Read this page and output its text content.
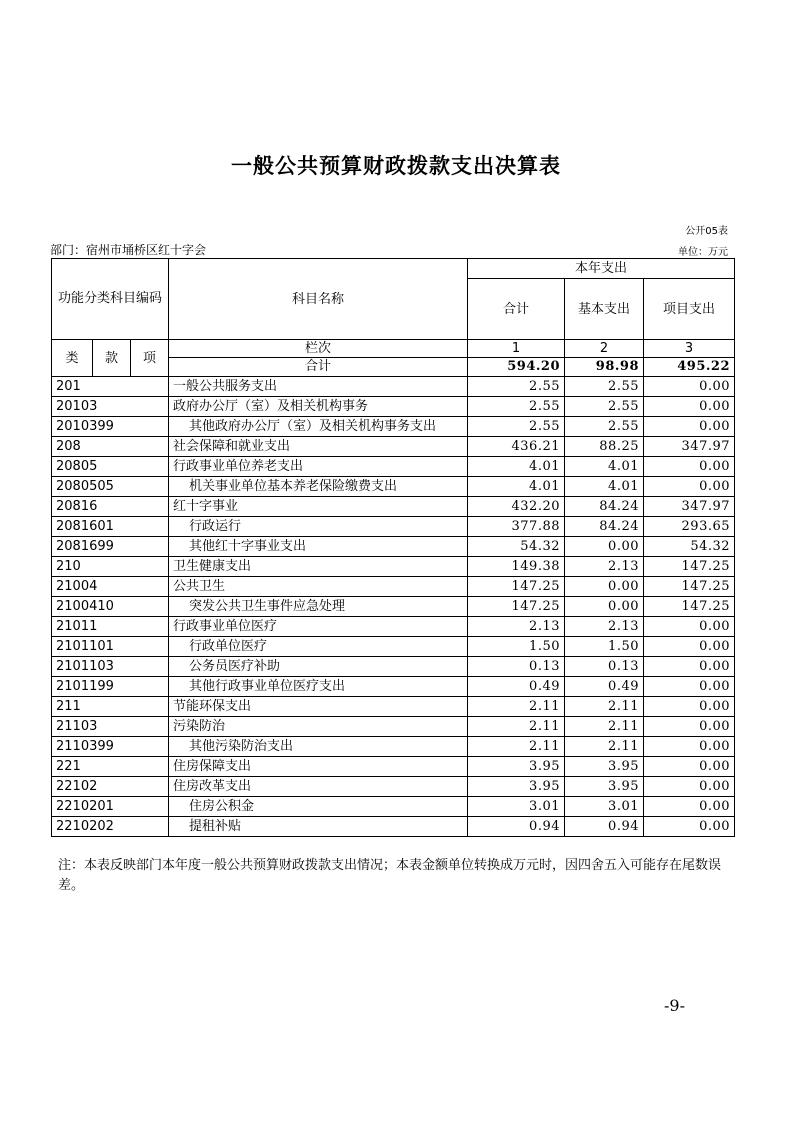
一般公共预算财政拨款支出决算表
公开05表
部门：宿州市埇桥区红十字会	单位：万元
功能分类科目编码			科目名称	本年支出		
				合计	基本支出	项目支出
类	款	项	栏次	1	2	3
			合计	594.20	98.98	495.22
201			一般公共服务支出	2.55	2.55	0.00
20103			政府办公厅（室）及相关机构事务	2.55	2.55	0.00
2010399			其他政府办公厅（室）及相关机构事务支出	2.55	2.55	0.00
208			社会保障和就业支出	436.21	88.25	347.97
20805			行政事业单位养老支出	4.01	4.01	0.00
2080505			机关事业单位基本养老保险缴费支出	4.01	4.01	0.00
20816			红十字事业	432.20	84.24	347.97
2081601			行政运行	377.88	84.24	293.65
2081699			其他红十字事业支出	54.32	0.00	54.32
210			卫生健康支出	149.38	2.13	147.25
21004			公共卫生	147.25	0.00	147.25
2100410			突发公共卫生事件应急处理	147.25	0.00	147.25
21011			行政事业单位医疗	2.13	2.13	0.00
2101101			行政单位医疗	1.50	1.50	0.00
2101103			公务员医疗补助	0.13	0.13	0.00
2101199			其他行政事业单位医疗支出	0.49	0.49	0.00
211			节能环保支出	2.11	2.11	0.00
21103			污染防治	2.11	2.11	0.00
2110399			其他污染防治支出	2.11	2.11	0.00
221			住房保障支出	3.95	3.95	0.00
22102			住房改革支出	3.95	3.95	0.00
2210201			住房公积金	3.01	3.01	0.00
2210202			提租补贴	0.94	0.94	0.00
注：本表反映部门本年度一般公共预算财政拨款支出情况；本表金额单位转换成万元时，因四舍五入可能存在尾数误差。
-9-
